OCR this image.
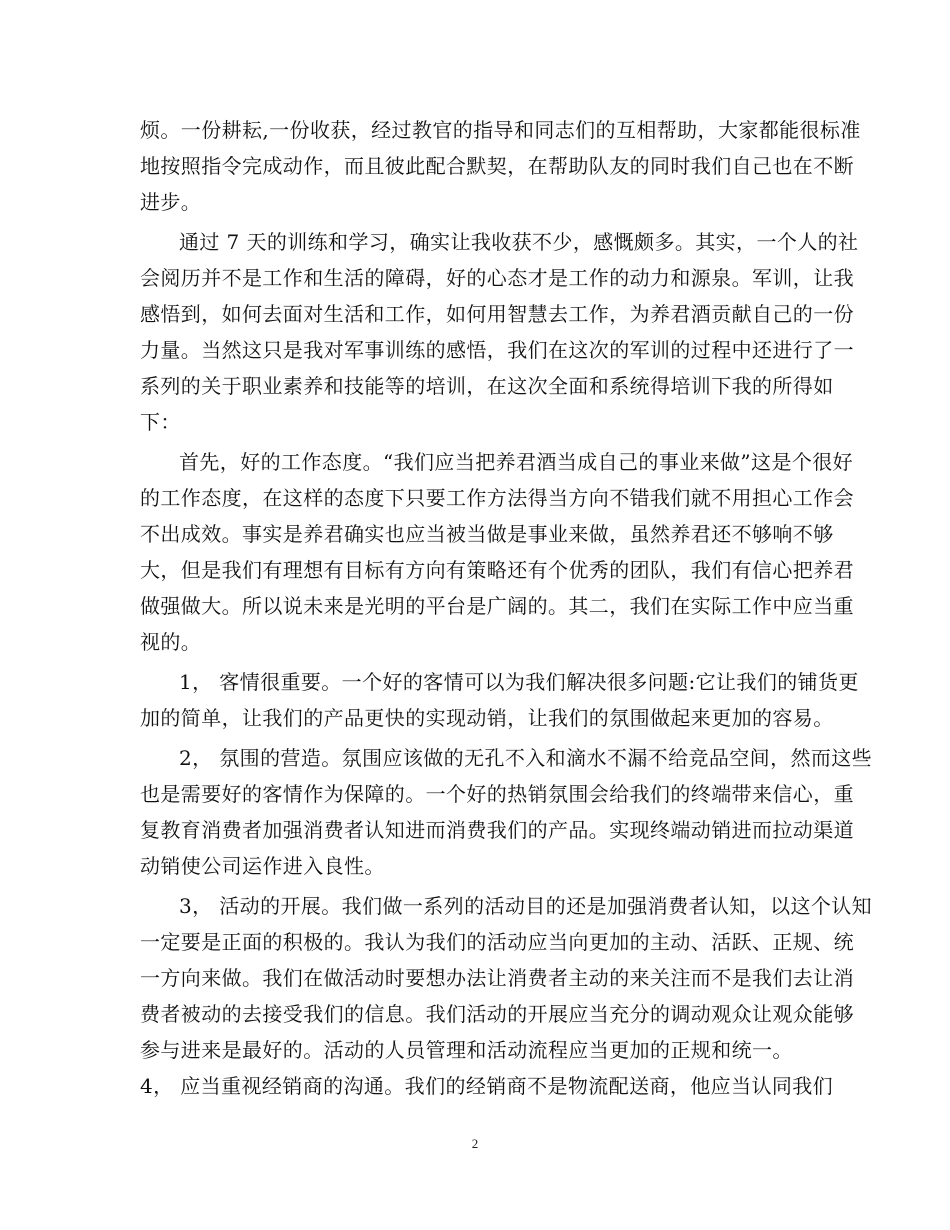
烦。一份耕耘,一份收获，经过教官的指导和同志们的互相帮助，大家都能很标准
地按照指令完成动作，而且彼此配合默契，在帮助队友的同时我们自己也在不断
进步。
通过 7 天的训练和学习，确实让我收获不少，感慨颇多。其实，一个人的社
会阅历并不是工作和生活的障碍，好的心态才是工作的动力和源泉。军训，让我
感悟到，如何去面对生活和工作，如何用智慧去工作，为养君酒贡献自己的一份
力量。当然这只是我对军事训练的感悟，我们在这次的军训的过程中还进行了一
系列的关于职业素养和技能等的培训，在这次全面和系统得培训下我的所得如
下：
首先，好的工作态度。“我们应当把养君酒当成自己的事业来做”这是个很好
的工作态度，在这样的态度下只要工作方法得当方向不错我们就不用担心工作会
不出成效。事实是养君确实也应当被当做是事业来做，虽然养君还不够响不够
大，但是我们有理想有目标有方向有策略还有个优秀的团队，我们有信心把养君
做强做大。所以说未来是光明的平台是广阔的。其二，我们在实际工作中应当重
视的。
1， 客情很重要。一个好的客情可以为我们解决很多问题:它让我们的铺货更
加的简单，让我们的产品更快的实现动销，让我们的氛围做起来更加的容易。
2， 氛围的营造。氛围应该做的无孔不入和滴水不漏不给竞品空间，然而这些
也是需要好的客情作为保障的。一个好的热销氛围会给我们的终端带来信心，重
复教育消费者加强消费者认知进而消费我们的产品。实现终端动销进而拉动渠道
动销使公司运作进入良性。
3， 活动的开展。我们做一系列的活动目的还是加强消费者认知，以这个认知
一定要是正面的积极的。我认为我们的活动应当向更加的主动、活跃、正规、统
一方向来做。我们在做活动时要想办法让消费者主动的来关注而不是我们去让消
费者被动的去接受我们的信息。我们活动的开展应当充分的调动观众让观众能够
参与进来是最好的。活动的人员管理和活动流程应当更加的正规和统一。
4， 应当重视经销商的沟通。我们的经销商不是物流配送商，他应当认同我们
2
